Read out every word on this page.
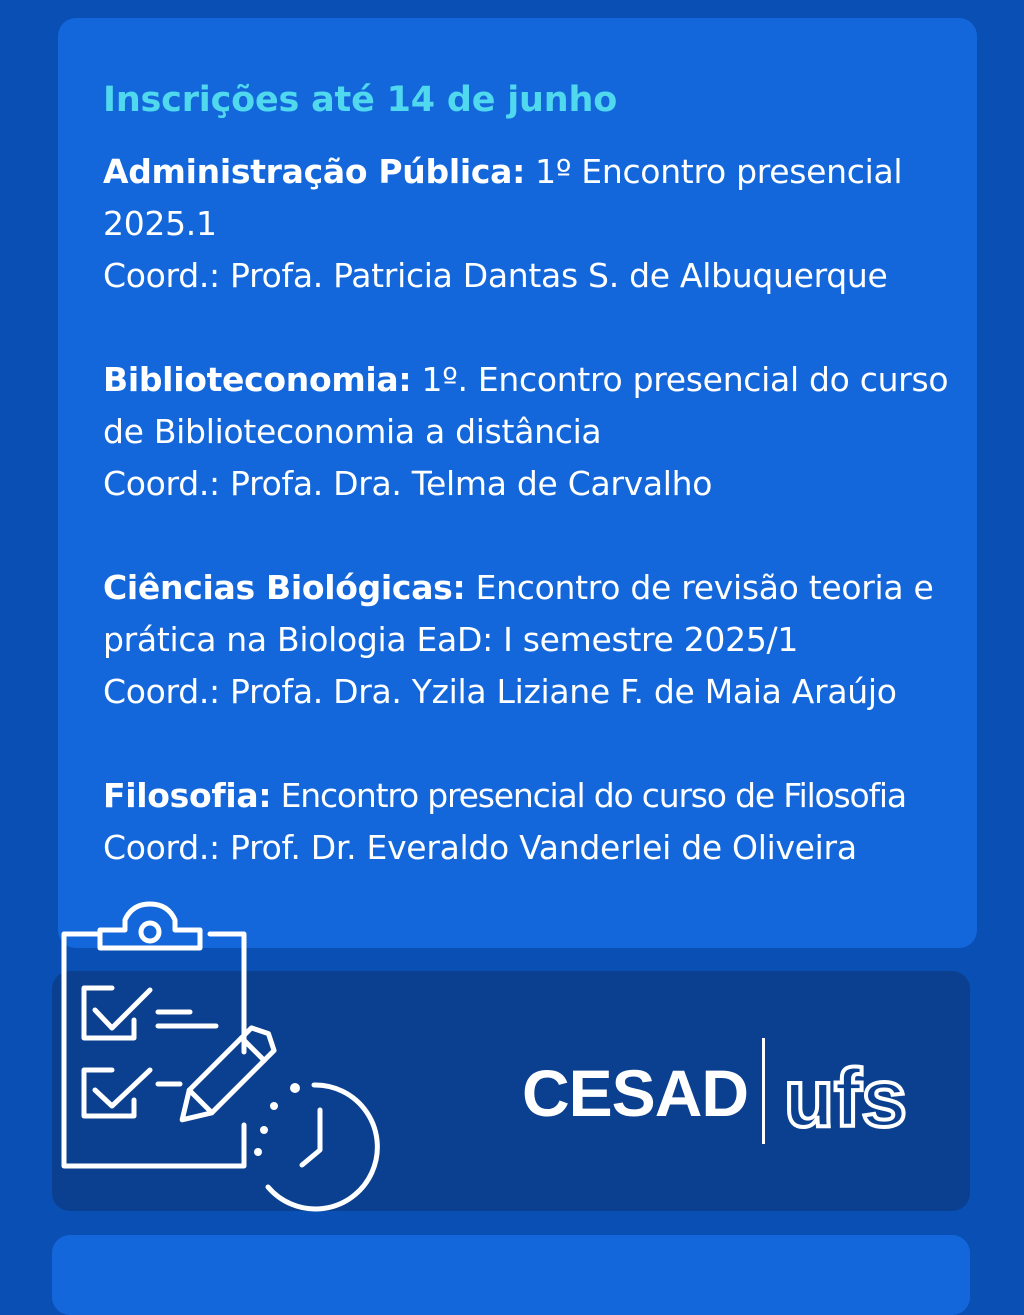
Inscrições até 14 de junho
Administração Pública: 1º Encontro presencial 2025.1
Coord.: Profa. Patricia Dantas S. de Albuquerque
Biblioteconomia: 1º. Encontro presencial do curso de Biblioteconomia a distância
Coord.: Profa. Dra. Telma de Carvalho
Ciências Biológicas: Encontro de revisão teoria e prática na Biologia EaD: I semestre 2025/1
Coord.: Profa. Dra. Yzila Liziane F. de Maia Araújo
Filosofia: Encontro presencial do curso de Filosofia
Coord.: Prof. Dr. Everaldo Vanderlei de Oliveira
CESAD ufs
